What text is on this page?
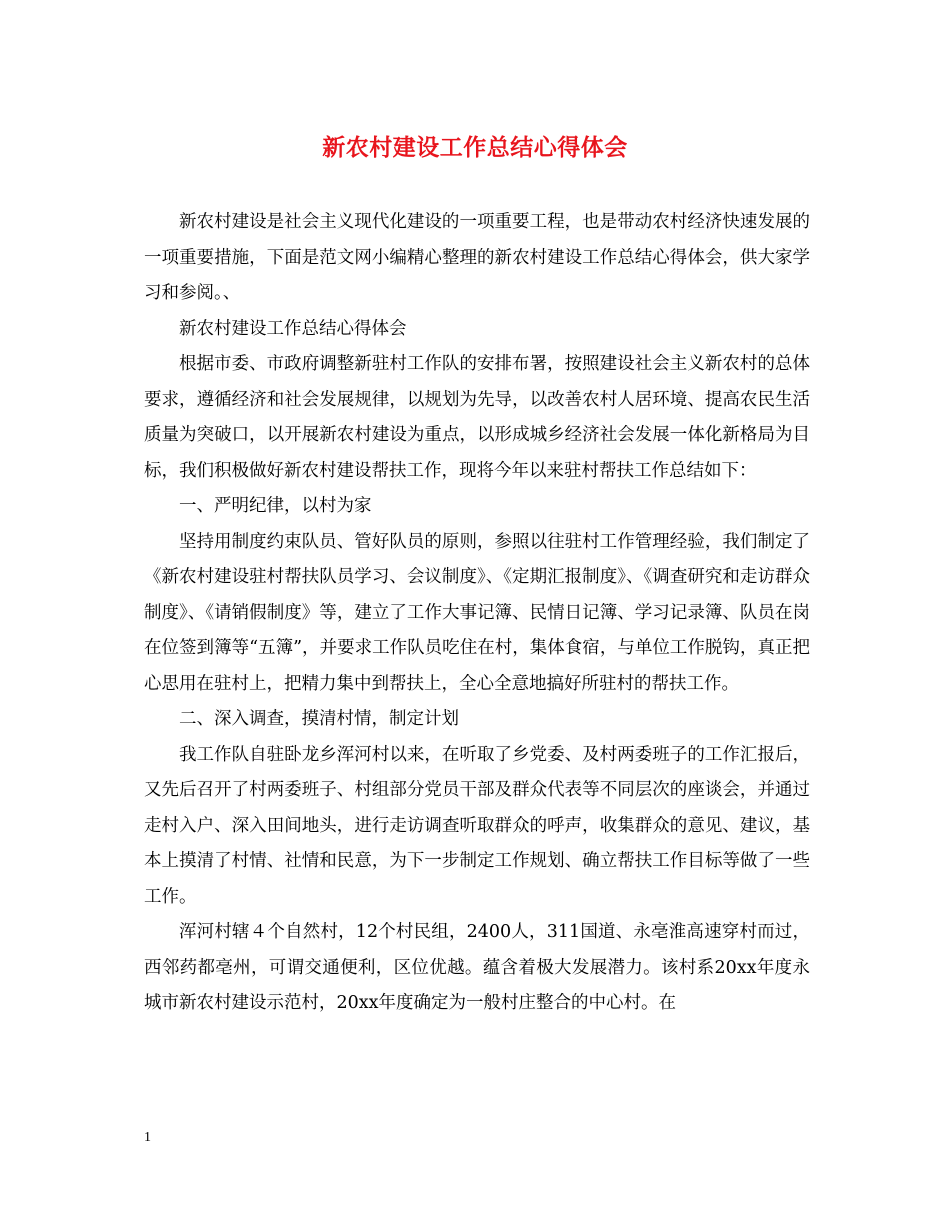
新农村建设工作总结心得体会

新农村建设是社会主义现代化建设的一项重要工程，也是带动农村经济快速发展的一项重要措施，下面是范文网小编精心整理的新农村建设工作总结心得体会，供大家学习和参阅。、

新农村建设工作总结心得体会

根据市委、市政府调整新驻村工作队的安排布署，按照建设社会主义新农村的总体要求，遵循经济和社会发展规律，以规划为先导，以改善农村人居环境、提高农民生活质量为突破口，以开展新农村建设为重点，以形成城乡经济社会发展一体化新格局为目标，我们积极做好新农村建设帮扶工作，现将今年以来驻村帮扶工作总结如下：

一、严明纪律，以村为家

坚持用制度约束队员、管好队员的原则，参照以往驻村工作管理经验，我们制定了《新农村建设驻村帮扶队员学习、会议制度》、《定期汇报制度》、《调查研究和走访群众制度》、《请销假制度》等，建立了工作大事记簿、民情日记簿、学习记录簿、队员在岗在位签到簿等“五簿”，并要求工作队员吃住在村，集体食宿，与单位工作脱钩，真正把心思用在驻村上，把精力集中到帮扶上，全心全意地搞好所驻村的帮扶工作。

二、深入调查，摸清村情，制定计划

我工作队自驻卧龙乡浑河村以来，在听取了乡党委、及村两委班子的工作汇报后，又先后召开了村两委班子、村组部分党员干部及群众代表等不同层次的座谈会，并通过走村入户、深入田间地头，进行走访调查听取群众的呼声，收集群众的意见、建议，基本上摸清了村情、社情和民意，为下一步制定工作规划、确立帮扶工作目标等做了一些工作。

浑河村辖４个自然村，12个村民组，2400人，311国道、永亳淮高速穿村而过，西邻药都亳州，可谓交通便利，区位优越。蕴含着极大发展潜力。该村系20xx年度永城市新农村建设示范村，20xx年度确定为一般村庄整合的中心村。在

1
